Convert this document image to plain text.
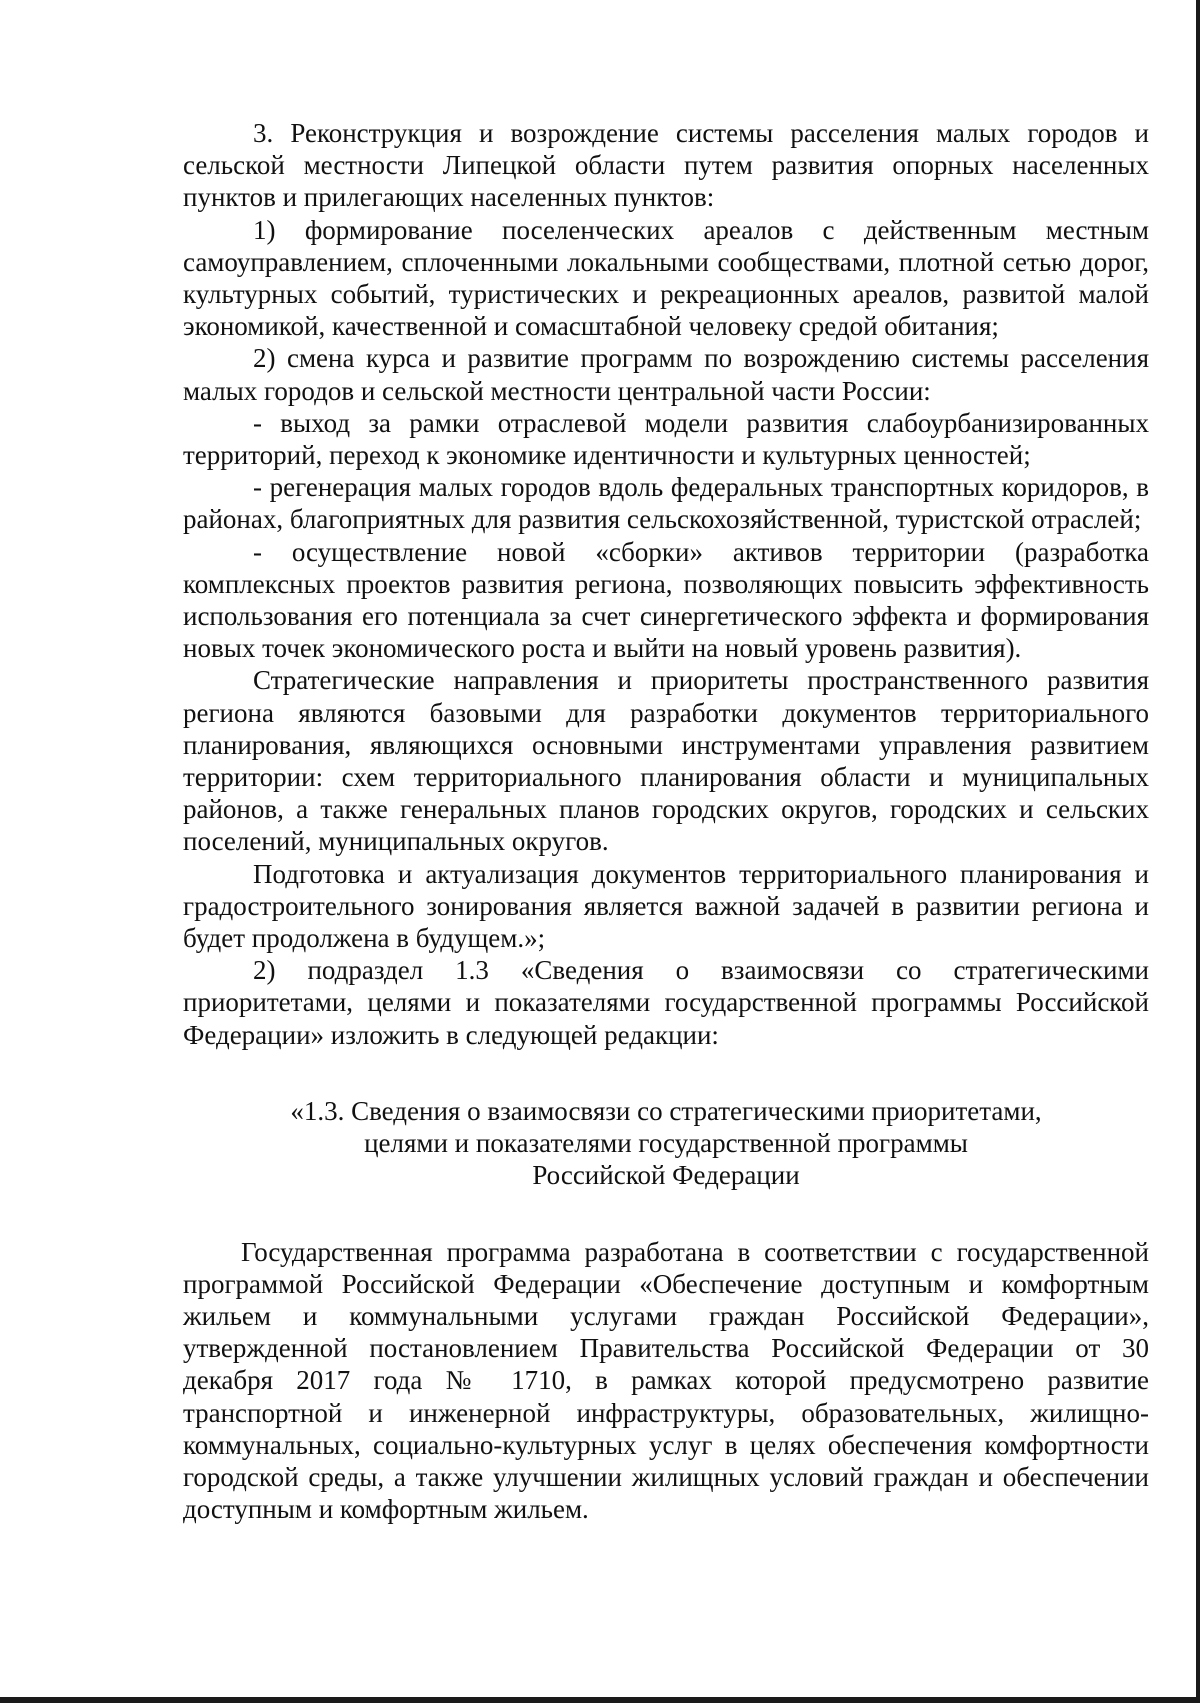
3. Реконструкция и возрождение системы расселения малых городов и сельской местности Липецкой области путем развития опорных населенных пунктов и прилегающих населенных пунктов:

1) формирование поселенческих ареалов с действенным местным самоуправлением, сплоченными локальными сообществами, плотной сетью дорог, культурных событий, туристических и рекреационных ареалов, развитой малой экономикой, качественной и сомасштабной человеку средой обитания;

2) смена курса и развитие программ по возрождению системы расселения малых городов и сельской местности центральной части России:

- выход за рамки отраслевой модели развития слабоурбанизированных территорий, переход к экономике идентичности и культурных ценностей;

- регенерация малых городов вдоль федеральных транспортных коридоров, в районах, благоприятных для развития сельскохозяйственной, туристской отраслей;

- осуществление новой «сборки» активов территории (разработка комплексных проектов развития региона, позволяющих повысить эффективность использования его потенциала за счет синергетического эффекта и формирования новых точек экономического роста и выйти на новый уровень развития).

Стратегические направления и приоритеты пространственного развития региона являются базовыми для разработки документов территориального планирования, являющихся основными инструментами управления развитием территории: схем территориального планирования области и муниципальных районов, а также генеральных планов городских округов, городских и сельских поселений, муниципальных округов.

Подготовка и актуализация документов территориального планирования и градостроительного зонирования является важной задачей в развитии региона и будет продолжена в будущем.»;

2) подраздел 1.3 «Сведения о взаимосвязи со стратегическими приоритетами, целями и показателями государственной программы Российской Федерации» изложить в следующей редакции:

«1.3. Сведения о взаимосвязи со стратегическими приоритетами,
целями и показателями государственной программы
Российской Федерации

Государственная программа разработана в соответствии с государственной программой Российской Федерации «Обеспечение доступным и комфортным жильем и коммунальными услугами граждан Российской Федерации», утвержденной постановлением Правительства Российской Федерации от 30 декабря 2017 года № 1710, в рамках которой предусмотрено развитие транспортной и инженерной инфраструктуры, образовательных, жилищно-коммунальных, социально-культурных услуг в целях обеспечения комфортности городской среды, а также улучшении жилищных условий граждан и обеспечении доступным и комфортным жильем.
